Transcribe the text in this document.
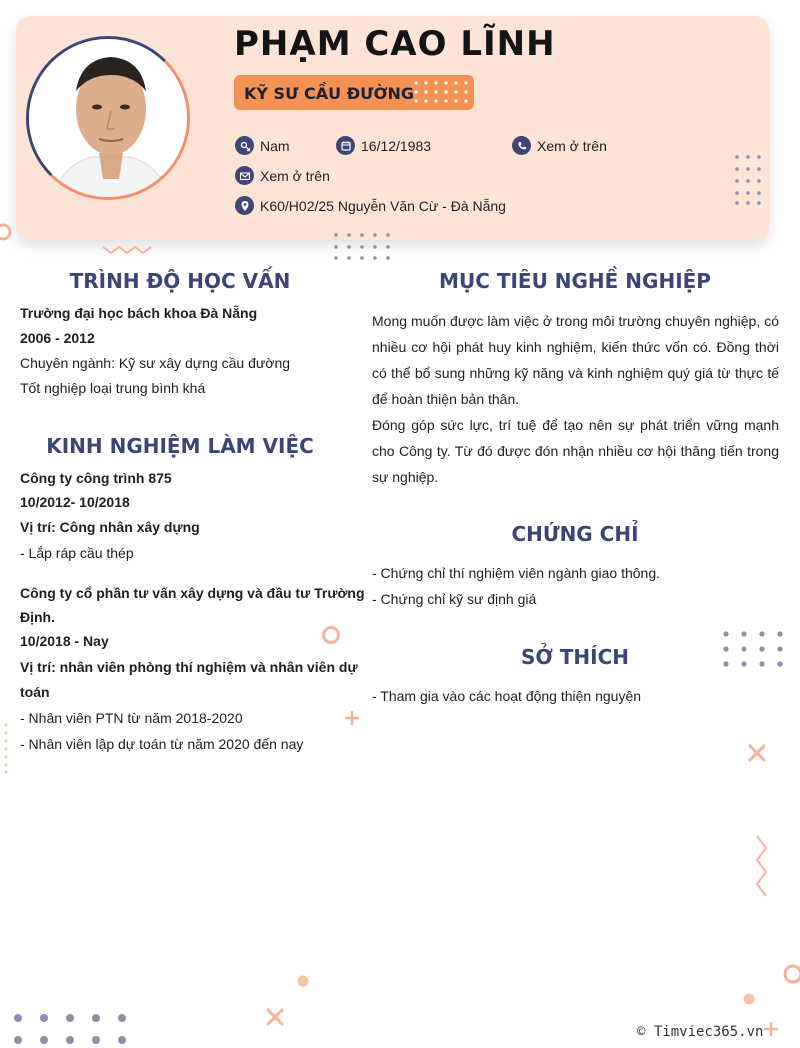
PHẠM CAO LĨNH
KỸ SƯ CẦU ĐƯỜNG
Nam	16/12/1983	Xem ở trên
Xem ở trên
K60/H02/25 Nguyễn Văn Cừ - Đà Nẵng
TRÌNH ĐỘ HỌC VẤN
Trường đại học bách khoa Đà Nẵng
2006 - 2012
Chuyên ngành: Kỹ sư xây dựng cầu đường
Tốt nghiệp loại trung bình khá
KINH NGHIỆM LÀM VIỆC
Công ty công trình 875
10/2012- 10/2018
Vị trí: Công nhân xây dựng
- Lắp ráp cầu thép
Công ty cổ phần tư vấn xây dựng và đầu tư Trường
Định.
10/2018 - Nay
Vị trí: nhân viên phòng thí nghiệm và nhân viên dự
toán
- Nhân viên PTN từ năm 2018-2020
- Nhân viên lập dự toán từ năm 2020 đến nay
MỤC TIÊU NGHỀ NGHIỆP

Mong muốn được làm việc ở trong môi trường chuyên nghiệp, có nhiều cơ hội phát huy kinh nghiệm, kiến thức vốn có. Đồng thời có thể bổ sung những kỹ năng và kinh nghiệm quý giá từ thực tế để hoàn thiện bản thân.

Đóng góp sức lực, trí tuệ để tạo nên sự phát triển vững mạnh cho Công ty. Từ đó được đón nhận nhiều cơ hội thăng tiến trong sự nghiệp.

CHỨNG CHỈ
- Chứng chỉ thí nghiệm viên ngành giao thông.
- Chứng chỉ kỹ sư định giá
SỞ THÍCH
- Tham gia vào các hoạt động thiện nguyện
© Timviec365.vn
